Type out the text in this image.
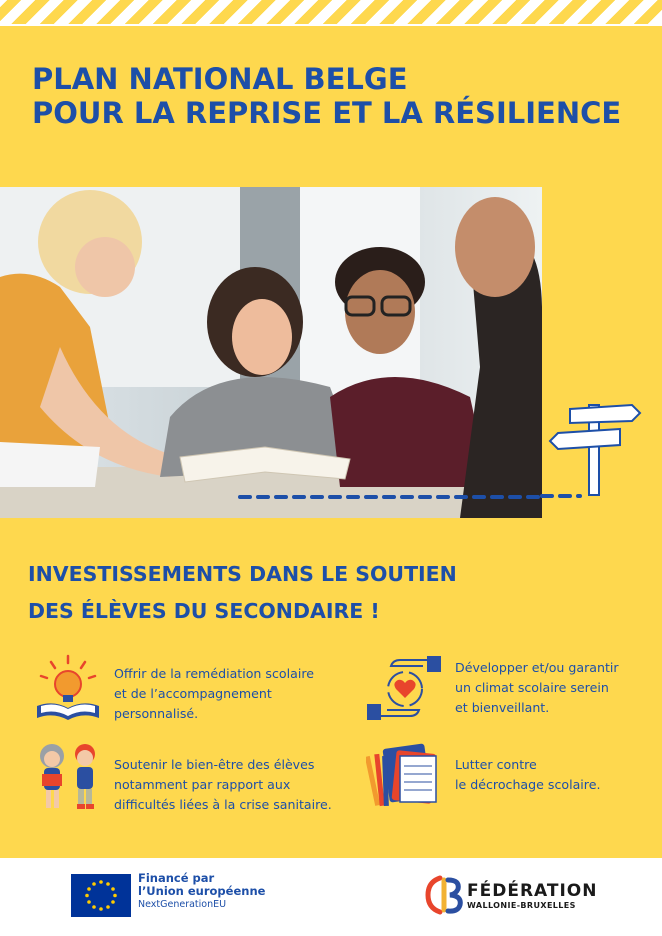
PLAN NATIONAL BELGE
POUR LA REPRISE ET LA RÉSILIENCE
INVESTISSEMENTS DANS LE SOUTIEN
DES ÉLÈVES DU SECONDAIRE !
Offrir de la remédiation scolaire
et de l’accompagnement
personnalisé.
Développer et/ou garantir
un climat scolaire serein
et bienveillant.
Soutenir le bien-être des élèves
notamment par rapport aux
difficultés liées à la crise sanitaire.
Lutter contre
le décrochage scolaire.
Financé par
l’Union européenne
NextGenerationEU
FÉDÉRATION
WALLONIE-BRUXELLES
